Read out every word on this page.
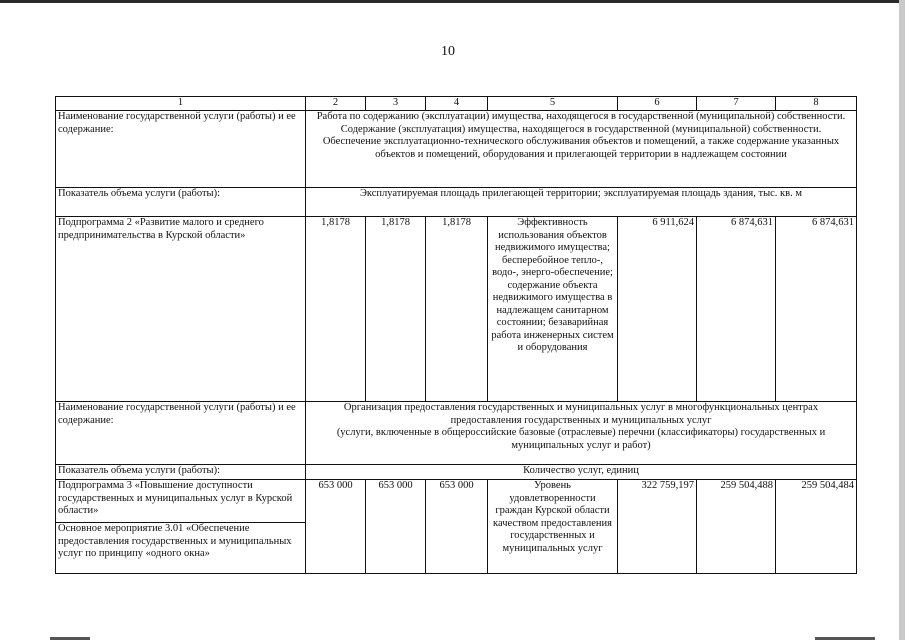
10
1	2	3	4	5	6	7	8
Наименование государственной услуги (работы) и ее содержание:	Работа по содержанию (эксплуатации) имущества, находящегося в государственной (муниципальной) собственности.
Содержание (эксплуатация) имущества, находящегося в государственной (муниципальной) собственности.
Обеспечение эксплуатационно-технического обслуживания объектов и помещений, а также содержание указанных объектов и помещений, оборудования и прилегающей территории в надлежащем состоянии						

Показатель объема услуги (работы):	Эксплуатируемая площадь прилегающей территории; эксплуатируемая площадь здания, тыс. кв. м						
Подпрограмма 2 «Развитие малого и среднего предпринимательства в Курской области»	1,8178	1,8178	1,8178	Эффективность использования объектов недвижимого имущества; бесперебойное тепло-, водо-, энерго-обеспечение; содержание объекта недвижимого имущества в надлежащем санитарном состоянии; безаварийная работа инженерных систем и оборудования	6 911,624	6 874,631	6 874,631
Наименование государственной услуги (работы) и ее содержание:	Организация предоставления государственных и муниципальных услуг в многофункциональных центрах предоставления государственных и муниципальных услуг
(услуги, включенные в общероссийские базовые (отраслевые) перечни (классификаторы) государственных и муниципальных услуг и работ)						

Показатель объема услуги (работы):	Количество услуг, единиц						
Подпрограмма 3 «Повышение доступности государственных и муниципальных услуг в Курской области»	653 000	653 000	653 000	Уровень удовлетворенности граждан Курской области качеством предоставления государственных и муниципальных услуг	322 759,197	259 504,488	259 504,484
Основное мероприятие 3.01 «Обеспечение предоставления государственных и муниципальных услуг по принципу «одного окна»							
